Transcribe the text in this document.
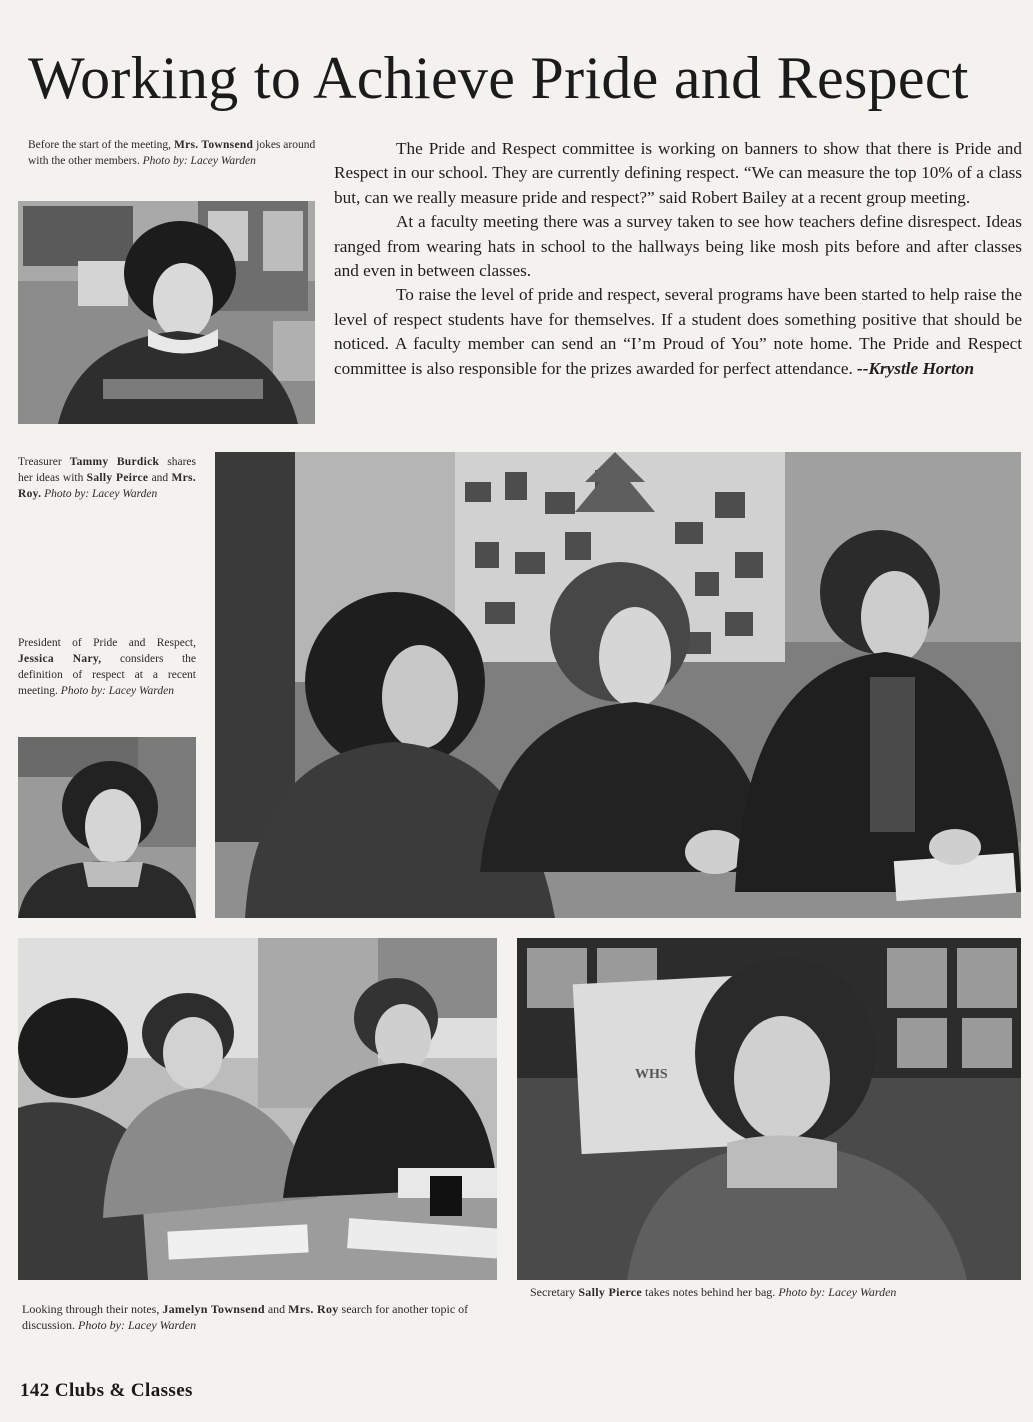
Working to Achieve Pride and Respect
Before the start of the meeting, Mrs. Townsend jokes around with the other members. Photo by: Lacey Warden

The Pride and Respect committee is working on banners to show that there is Pride and Respect in our school. They are currently defining respect. “We can measure the top 10% of a class but, can we really measure pride and respect?” said Robert Bailey at a recent group meeting.

At a faculty meeting there was a survey taken to see how teachers define disrespect. Ideas ranged from wearing hats in school to the hallways being like mosh pits before and after classes and even in between classes.

To raise the level of pride and respect, several programs have been started to help raise the level of respect students have for themselves. If a student does something positive that should be noticed. A faculty member can send an “I’m Proud of You” note home. The Pride and Respect committee is also responsible for the prizes awarded for perfect attendance. --Krystle Horton

Treasurer Tammy Burdick shares her ideas with Sally Peirce and Mrs. Roy. Photo by: Lacey Warden
President of Pride and Respect, Jessica Nary, considers the definition of respect at a recent meeting. Photo by: Lacey Warden
Looking through their notes, Jamelyn Townsend and Mrs. Roy search for another topic of discussion. Photo by: Lacey Warden
WHS
Secretary Sally Pierce takes notes behind her bag. Photo by: Lacey Warden
142 Clubs & Classes
